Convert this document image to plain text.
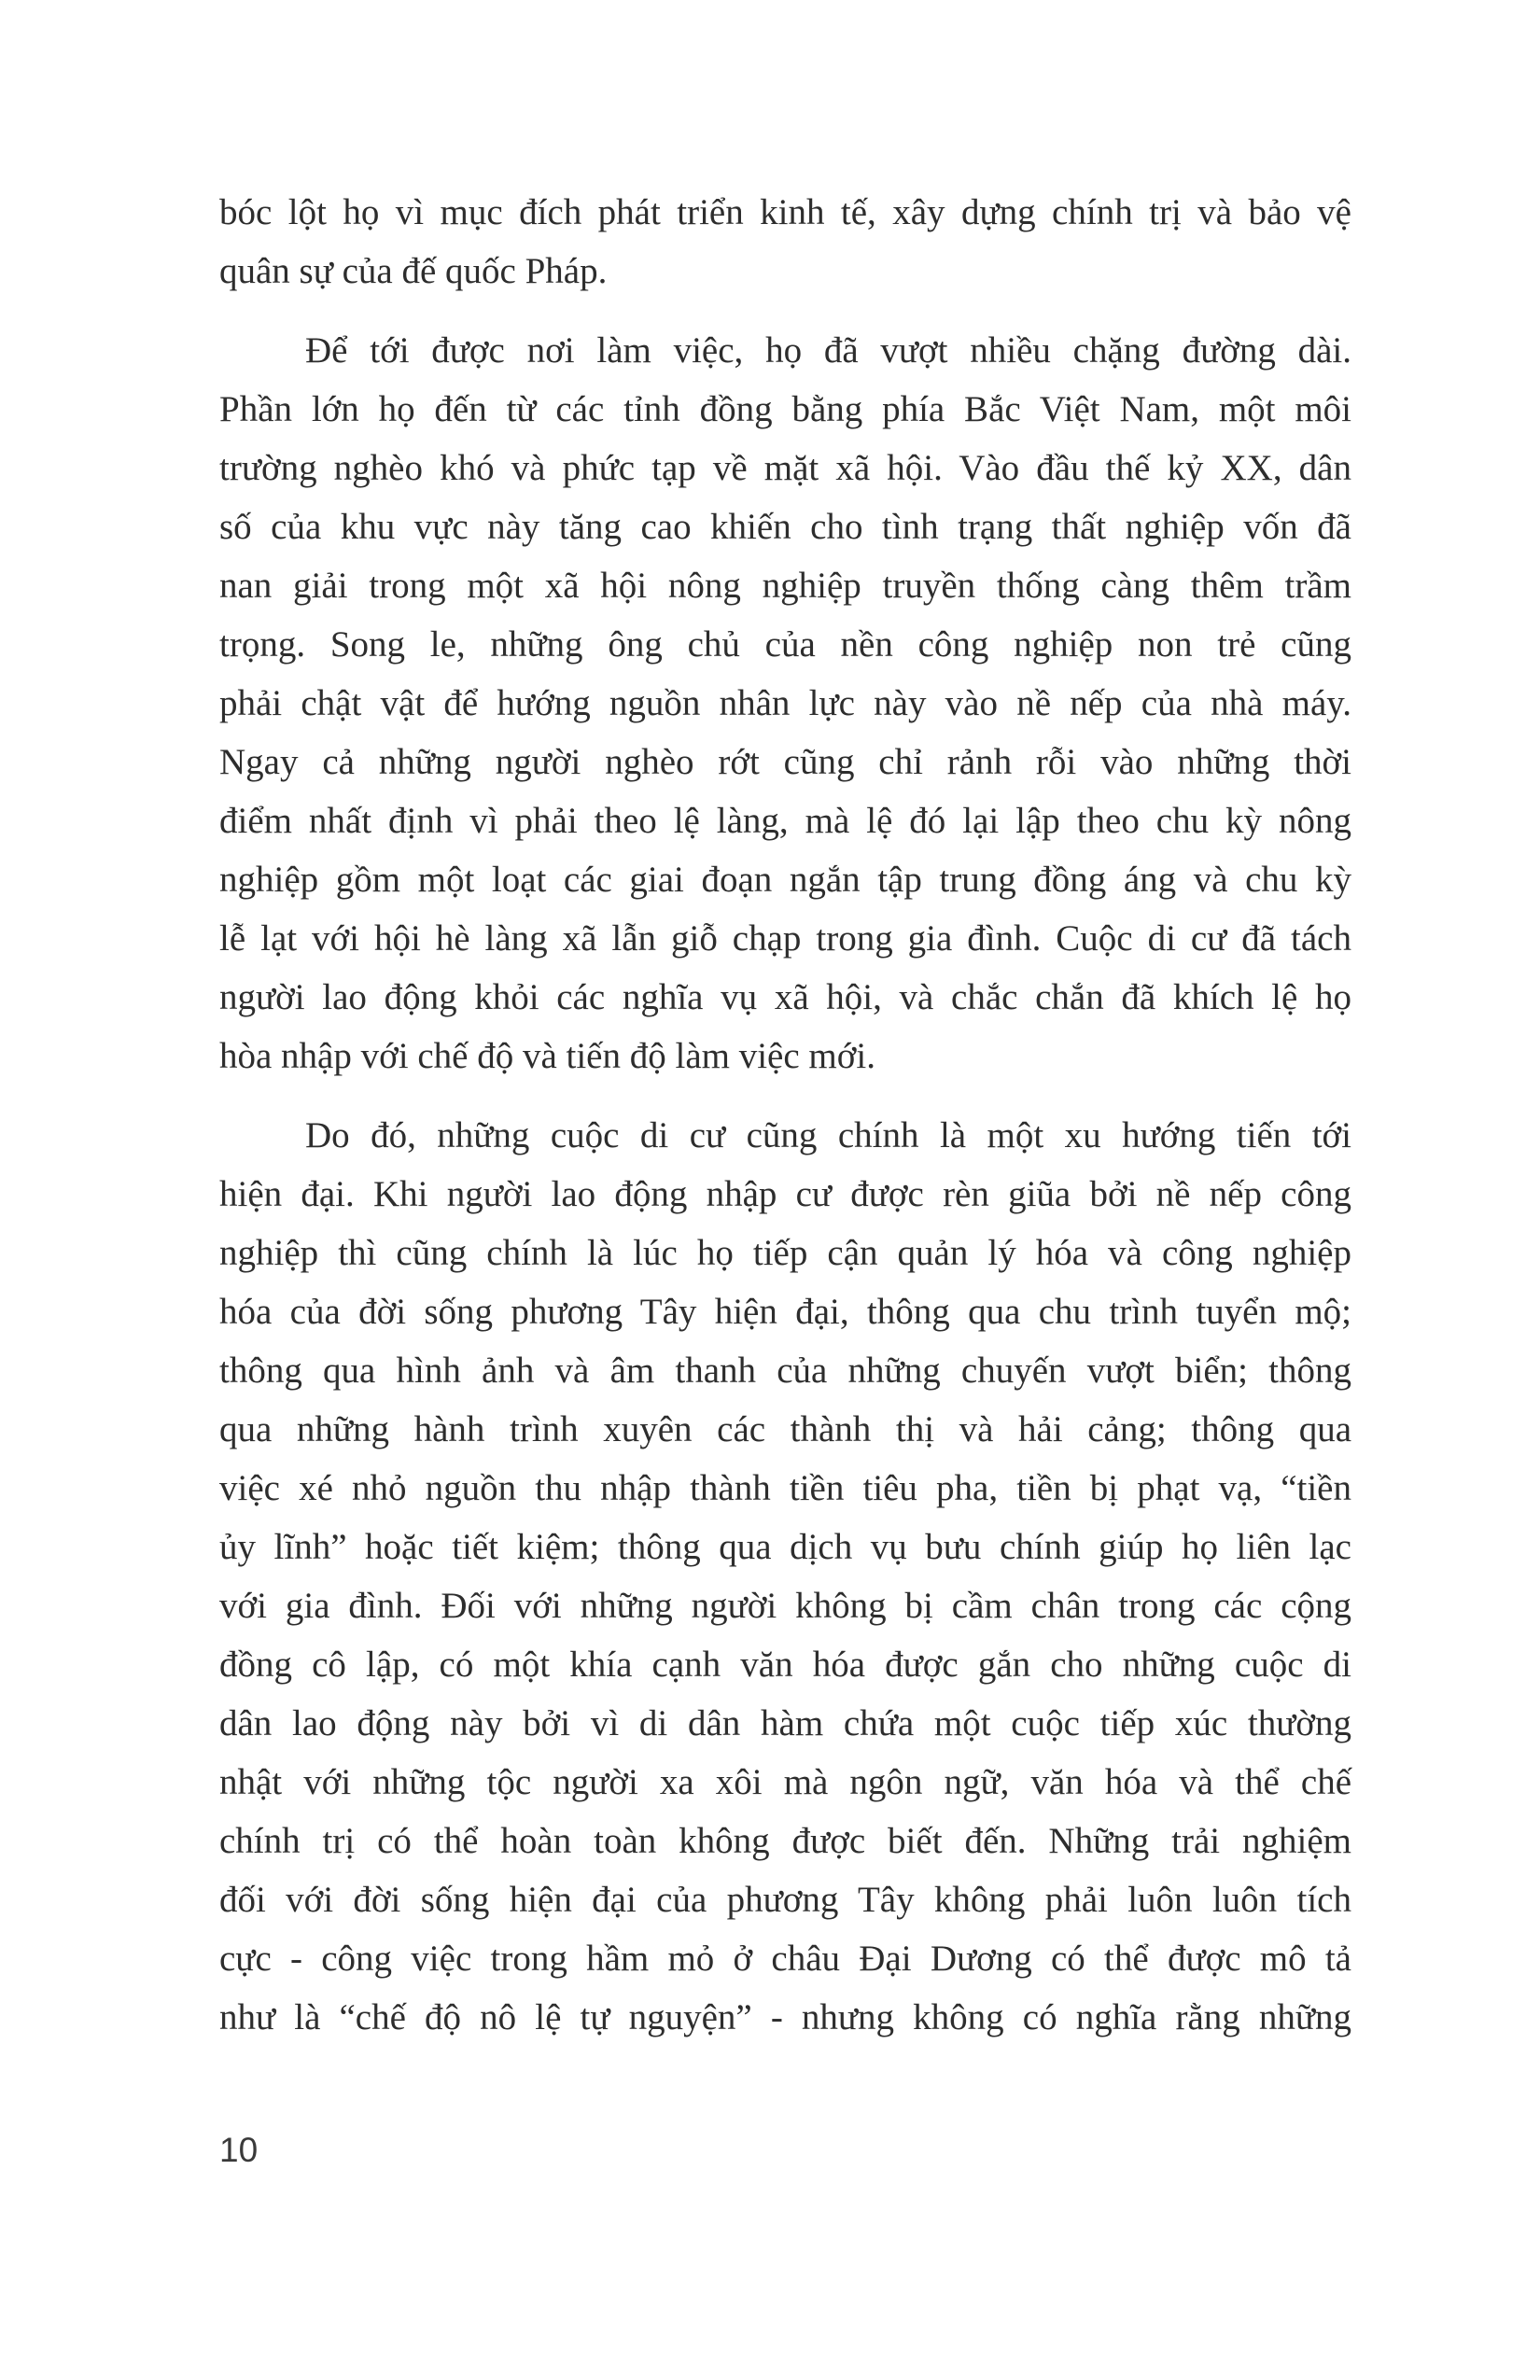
bóc lột họ vì mục đích phát triển kinh tế, xây dựng chính trị và bảo vệ
quân sự của đế quốc Pháp.
Để tới được nơi làm việc, họ đã vượt nhiều chặng đường dài.
Phần lớn họ đến từ các tỉnh đồng bằng phía Bắc Việt Nam, một môi
trường nghèo khó và phức tạp về mặt xã hội. Vào đầu thế kỷ XX, dân
số của khu vực này tăng cao khiến cho tình trạng thất nghiệp vốn đã
nan giải trong một xã hội nông nghiệp truyền thống càng thêm trầm
trọng. Song le, những ông chủ của nền công nghiệp non trẻ cũng
phải chật vật để hướng nguồn nhân lực này vào nề nếp của nhà máy.
Ngay cả những người nghèo rớt cũng chỉ rảnh rỗi vào những thời
điểm nhất định vì phải theo lệ làng, mà lệ đó lại lập theo chu kỳ nông
nghiệp gồm một loạt các giai đoạn ngắn tập trung đồng áng và chu kỳ
lễ lạt với hội hè làng xã lẫn giỗ chạp trong gia đình. Cuộc di cư đã tách
người lao động khỏi các nghĩa vụ xã hội, và chắc chắn đã khích lệ họ
hòa nhập với chế độ và tiến độ làm việc mới.
Do đó, những cuộc di cư cũng chính là một xu hướng tiến tới
hiện đại. Khi người lao động nhập cư được rèn giũa bởi nề nếp công
nghiệp thì cũng chính là lúc họ tiếp cận quản lý hóa và công nghiệp
hóa của đời sống phương Tây hiện đại, thông qua chu trình tuyển mộ;
thông qua hình ảnh và âm thanh của những chuyến vượt biển; thông
qua những hành trình xuyên các thành thị và hải cảng; thông qua
việc xé nhỏ nguồn thu nhập thành tiền tiêu pha, tiền bị phạt vạ, “tiền
ủy lĩnh” hoặc tiết kiệm; thông qua dịch vụ bưu chính giúp họ liên lạc
với gia đình. Đối với những người không bị cầm chân trong các cộng
đồng cô lập, có một khía cạnh văn hóa được gắn cho những cuộc di
dân lao động này bởi vì di dân hàm chứa một cuộc tiếp xúc thường
nhật với những tộc người xa xôi mà ngôn ngữ, văn hóa và thể chế
chính trị có thể hoàn toàn không được biết đến. Những trải nghiệm
đối với đời sống hiện đại của phương Tây không phải luôn luôn tích
cực - công việc trong hầm mỏ ở châu Đại Dương có thể được mô tả
như là “chế độ nô lệ tự nguyện” - nhưng không có nghĩa rằng những
10
